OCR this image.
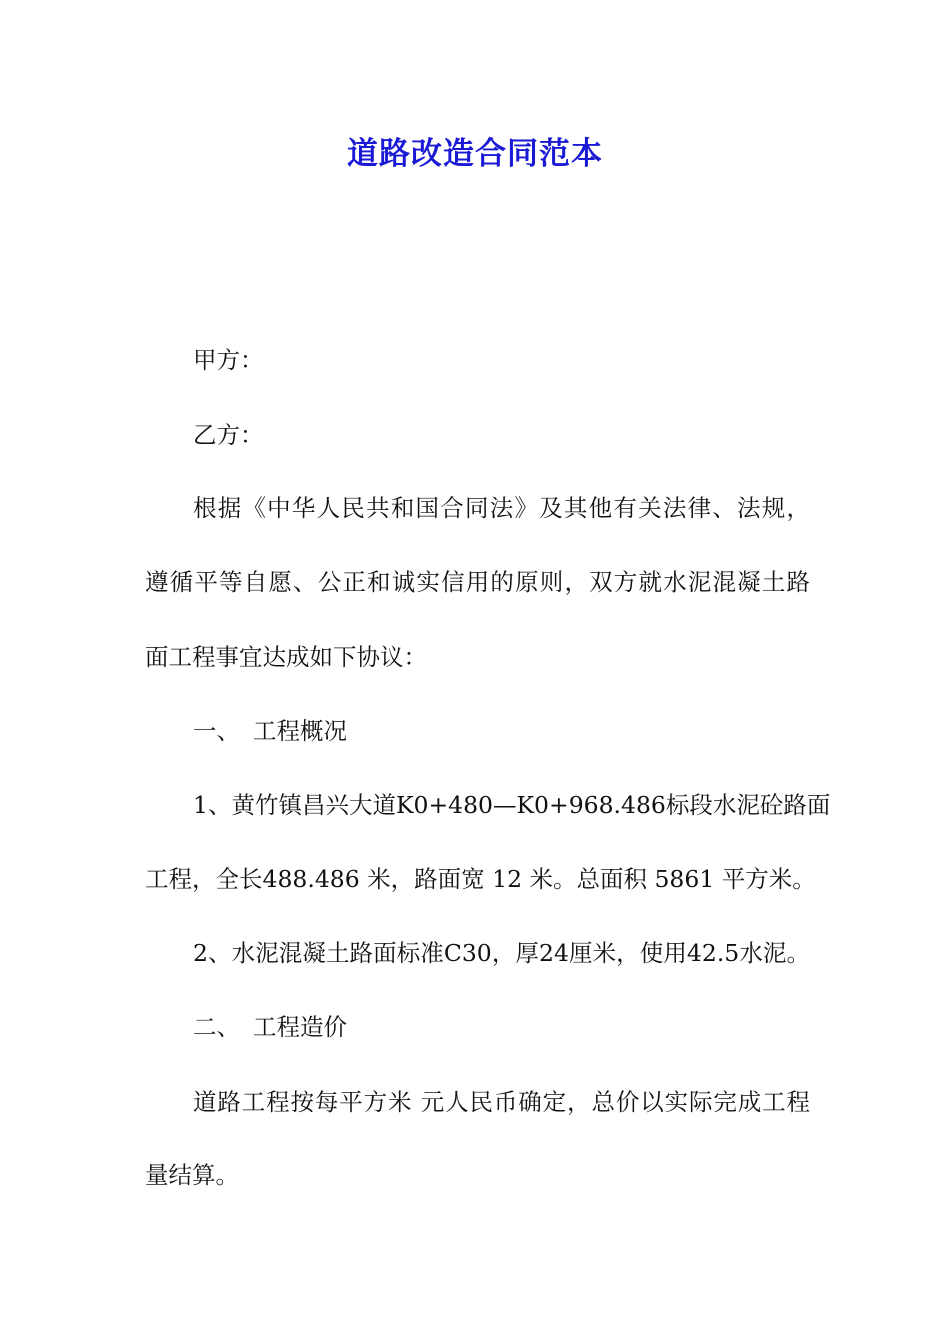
道路改造合同范本
甲方：
乙方：
根据《中华人民共和国合同法》及其他有关法律、法规，
遵循平等自愿、公正和诚实信用的原则，双方就水泥混凝土路
面工程事宜达成如下协议：
一、 工程概况
1、黄竹镇昌兴大道K0+480—K0+968.486标段水泥砼路面
工程，全长488.486 米，路面宽 12 米。总面积 5861 平方米。
2、水泥混凝土路面标准C30，厚24厘米，使用42.5水泥。
二、 工程造价
道路工程按每平方米 元人民币确定，总价以实际完成工程
量结算。
